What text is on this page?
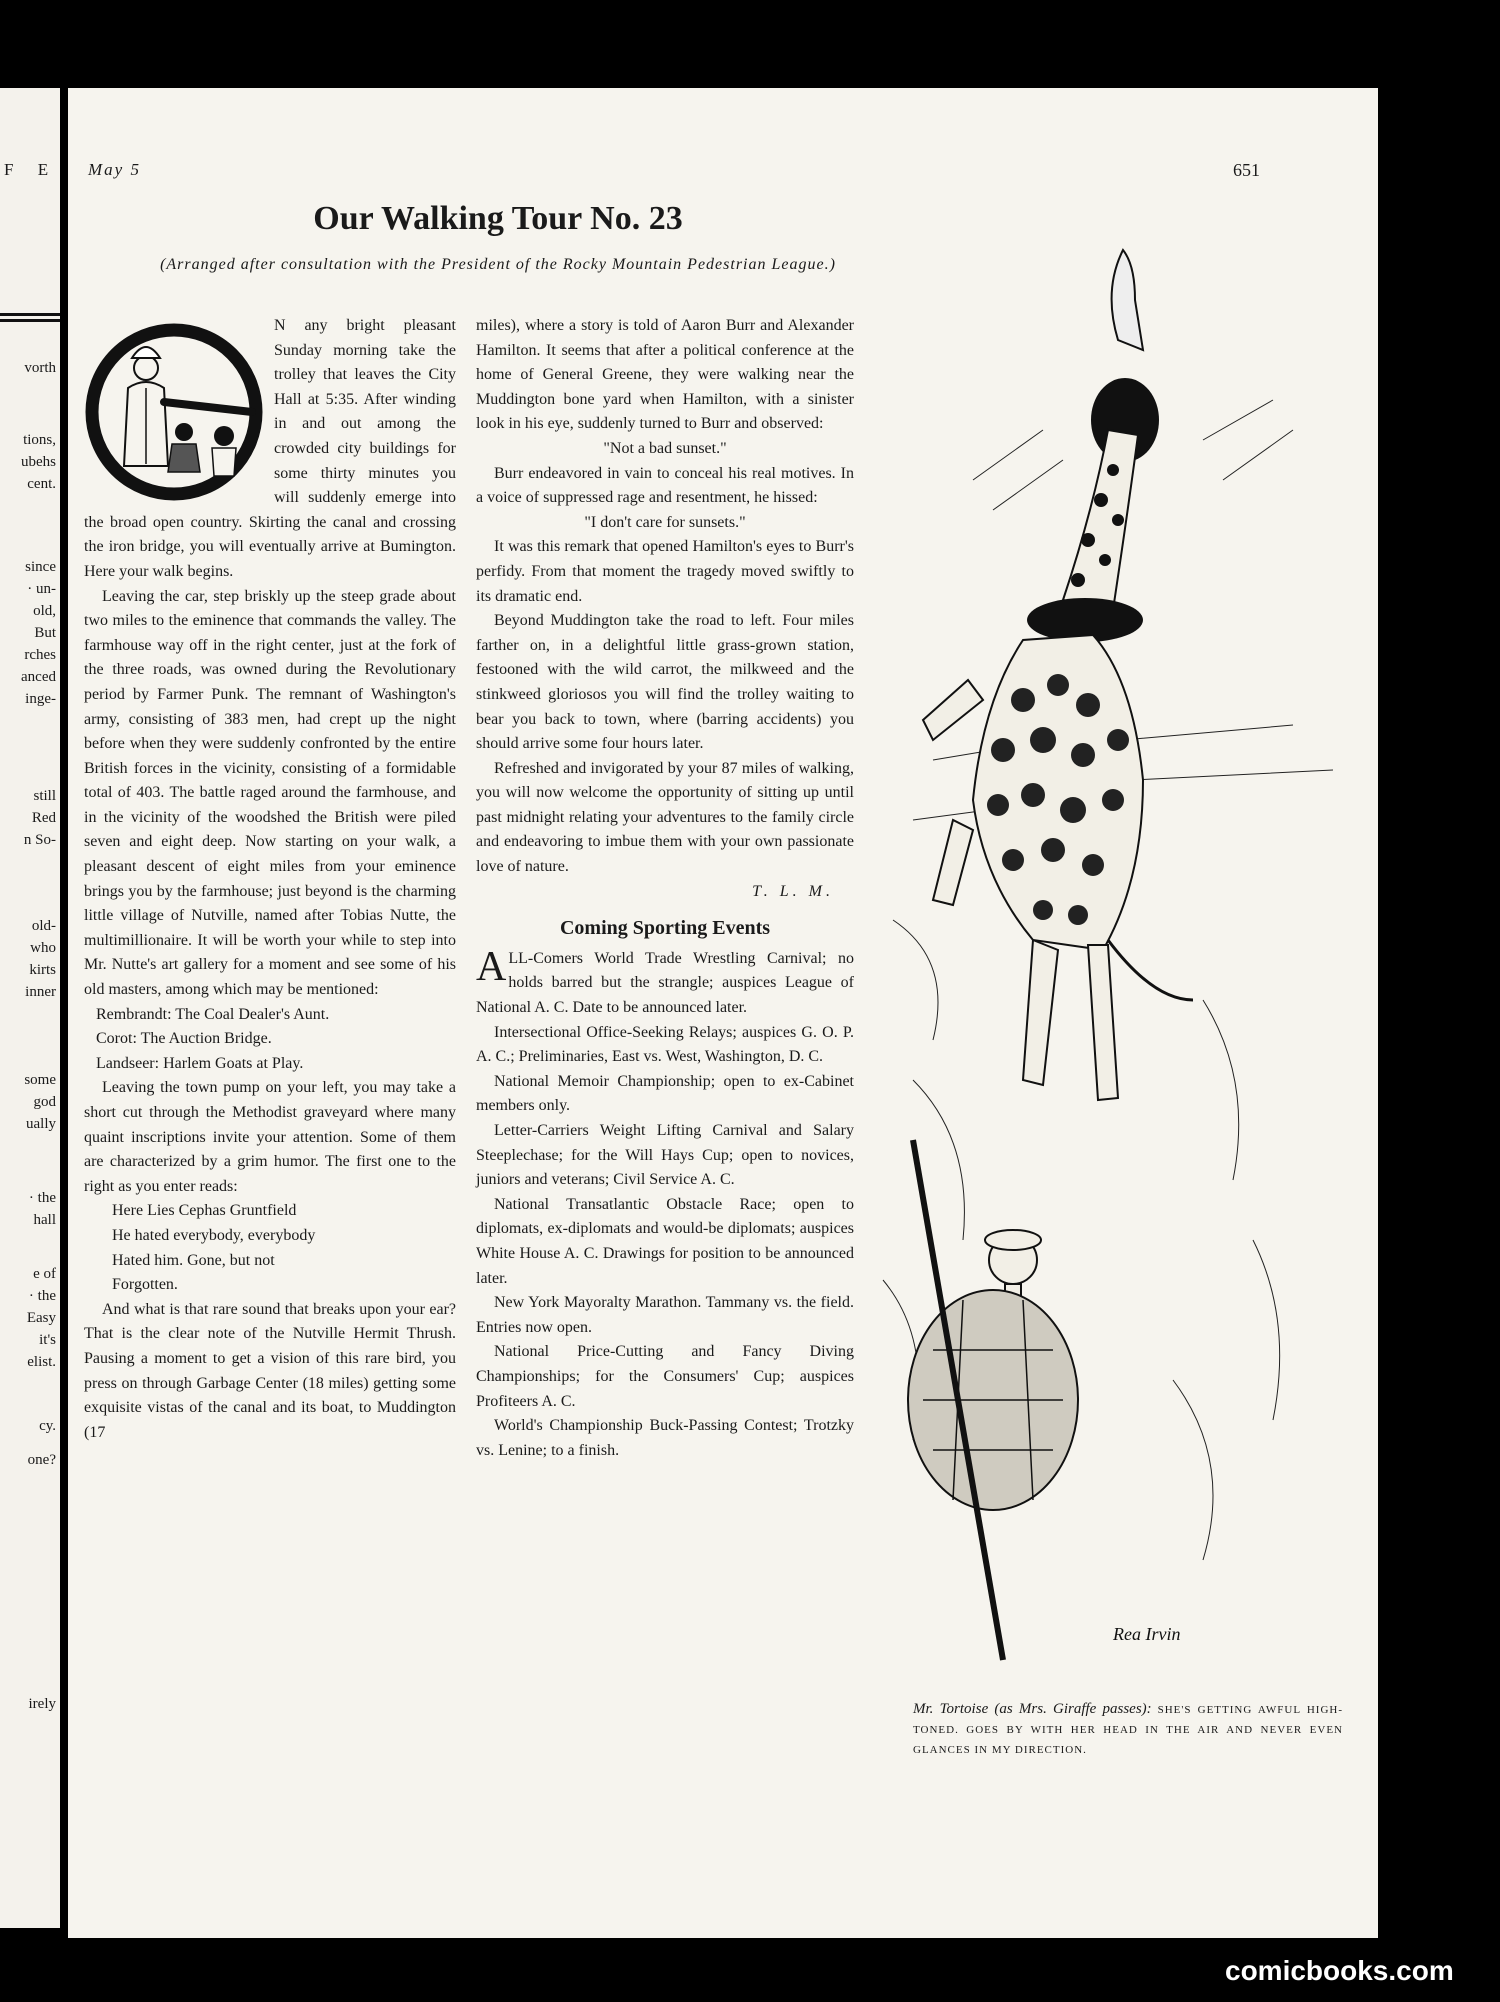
F E
vorth
tions,
ubehs
cent.
since
· un-
old,
But
rches
anced
inge-
still
Red
n So-
old-
who
kirts
inner
some
god
ually
· the
hall
e of
· the
Easy
it's
elist.
cy.
one?
irely
May 5	651
Our Walking Tour No. 23

(Arranged after consultation with the President of the Rocky Mountain Pedestrian League.)

N any bright pleasant Sunday morning take the trolley that leaves the City Hall at 5:35. After winding in and out among the crowded city buildings for some thirty minutes you will suddenly emerge into the broad open country. Skirting the canal and crossing the iron bridge, you will eventually arrive at Bumington. Here your walk begins.

Leaving the car, step briskly up the steep grade about two miles to the eminence that commands the valley. The farmhouse way off in the right center, just at the fork of the three roads, was owned during the Revolutionary period by Farmer Punk. The remnant of Washington's army, consisting of 383 men, had crept up the night before when they were suddenly confronted by the entire British forces in the vicinity, consisting of a formidable total of 403. The battle raged around the farmhouse, and in the vicinity of the woodshed the British were piled seven and eight deep. Now starting on your walk, a pleasant descent of eight miles from your eminence brings you by the farmhouse; just beyond is the charming little village of Nutville, named after Tobias Nutte, the multimillionaire. It will be worth your while to step into Mr. Nutte's art gallery for a moment and see some of his old masters, among which may be mentioned:

Rembrandt: The Coal Dealer's Aunt.

Corot: The Auction Bridge.

Landseer: Harlem Goats at Play.

Leaving the town pump on your left, you may take a short cut through the Methodist graveyard where many quaint inscriptions invite your attention. Some of them are characterized by a grim humor. The first one to the right as you enter reads:

Here Lies Cephas Gruntfield

He hated everybody, everybody

Hated him. Gone, but not

Forgotten.

And what is that rare sound that breaks upon your ear? That is the clear note of the Nutville Hermit Thrush. Pausing a moment to get a vision of this rare bird, you press on through Garbage Center (18 miles) getting some exquisite vistas of the canal and its boat, to Muddington (17

miles), where a story is told of Aaron Burr and Alexander Hamilton. It seems that after a political conference at the home of General Greene, they were walking near the Muddington bone yard when Hamilton, with a sinister look in his eye, suddenly turned to Burr and observed:

"Not a bad sunset."

Burr endeavored in vain to conceal his real motives. In a voice of suppressed rage and resentment, he hissed:

"I don't care for sunsets."

It was this remark that opened Hamilton's eyes to Burr's perfidy. From that moment the tragedy moved swiftly to its dramatic end.

Beyond Muddington take the road to left. Four miles farther on, in a delightful little grass-grown station, festooned with the wild carrot, the milkweed and the stinkweed gloriosos you will find the trolley waiting to bear you back to town, where (barring accidents) you should arrive some four hours later.

Refreshed and invigorated by your 87 miles of walking, you will now welcome the opportunity of sitting up until past midnight relating your adventures to the family circle and endeavoring to imbue them with your own passionate love of nature.

T. L. M.

Coming Sporting Events

ALL-Comers World Trade Wrestling Carnival; no holds barred but the strangle; auspices League of National A. C. Date to be announced later.

Intersectional Office-Seeking Relays; auspices G. O. P. A. C.; Preliminaries, East vs. West, Washington, D. C.

National Memoir Championship; open to ex-Cabinet members only.

Letter-Carriers Weight Lifting Carnival and Salary Steeplechase; for the Will Hays Cup; open to novices, juniors and veterans; Civil Service A. C.

National Transatlantic Obstacle Race; open to diplomats, ex-diplomats and would-be diplomats; auspices White House A. C. Drawings for position to be announced later.

New York Mayoralty Marathon. Tammany vs. the field. Entries now open.

National Price-Cutting and Fancy Diving Championships; for the Consumers' Cup; auspices Profiteers A. C.

World's Championship Buck-Passing Contest; Trotzky vs. Lenine; to a finish.

Rea Irvin
Mr. Tortoise (as Mrs. Giraffe passes): SHE'S GETTING AWFUL HIGH-TONED. GOES BY WITH HER HEAD IN THE AIR AND NEVER EVEN GLANCES IN MY DIRECTION.
comicbooks.com
